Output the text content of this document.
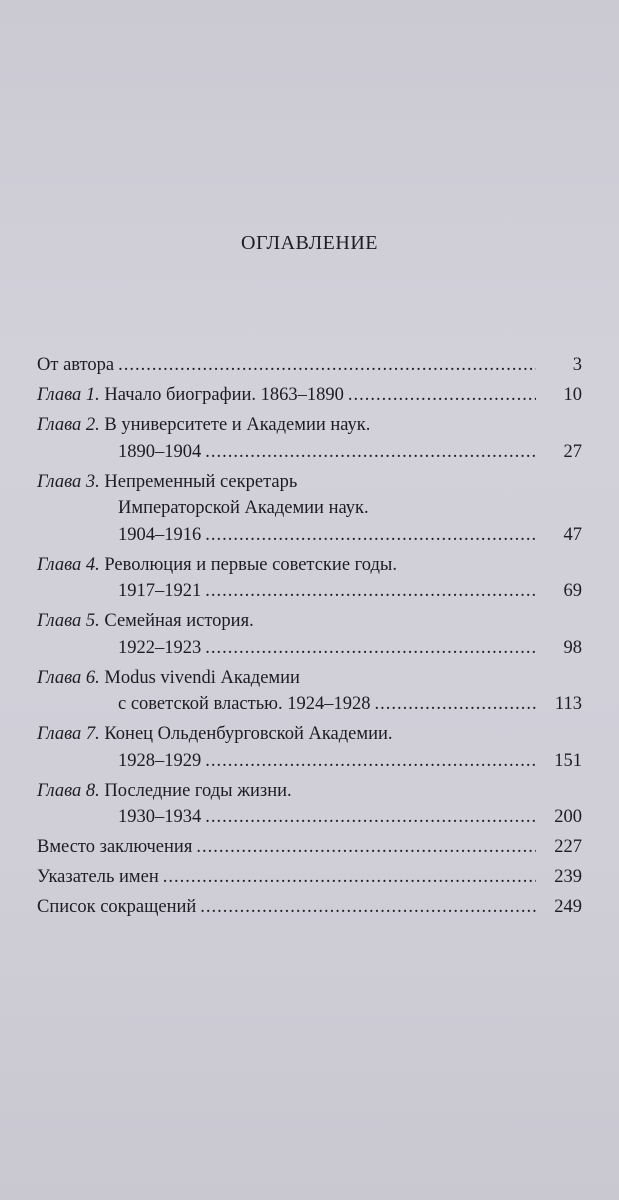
ОГЛАВЛЕНИЕ
От автора .....	3
Глава 1. Начало биографии. 1863–1890 .....	10
Глава 2. В университете и Академии наук.
1890–1904 .....	27
Глава 3. Непременный секретарь
Императорской Академии наук.
1904–1916 .....	47
Глава 4. Революция и первые советские годы.
1917–1921 .....	69
Глава 5. Семейная история.
1922–1923 .....	98
Глава 6. Modus vivendi Академии
с советской властью. 1924–1928 .....	113
Глава 7. Конец Ольденбурговской Академии.
1928–1929 .....	151
Глава 8. Последние годы жизни.
1930–1934 .....	200
Вместо заключения .....	227
Указатель имен .....	239
Список сокращений .....	249
